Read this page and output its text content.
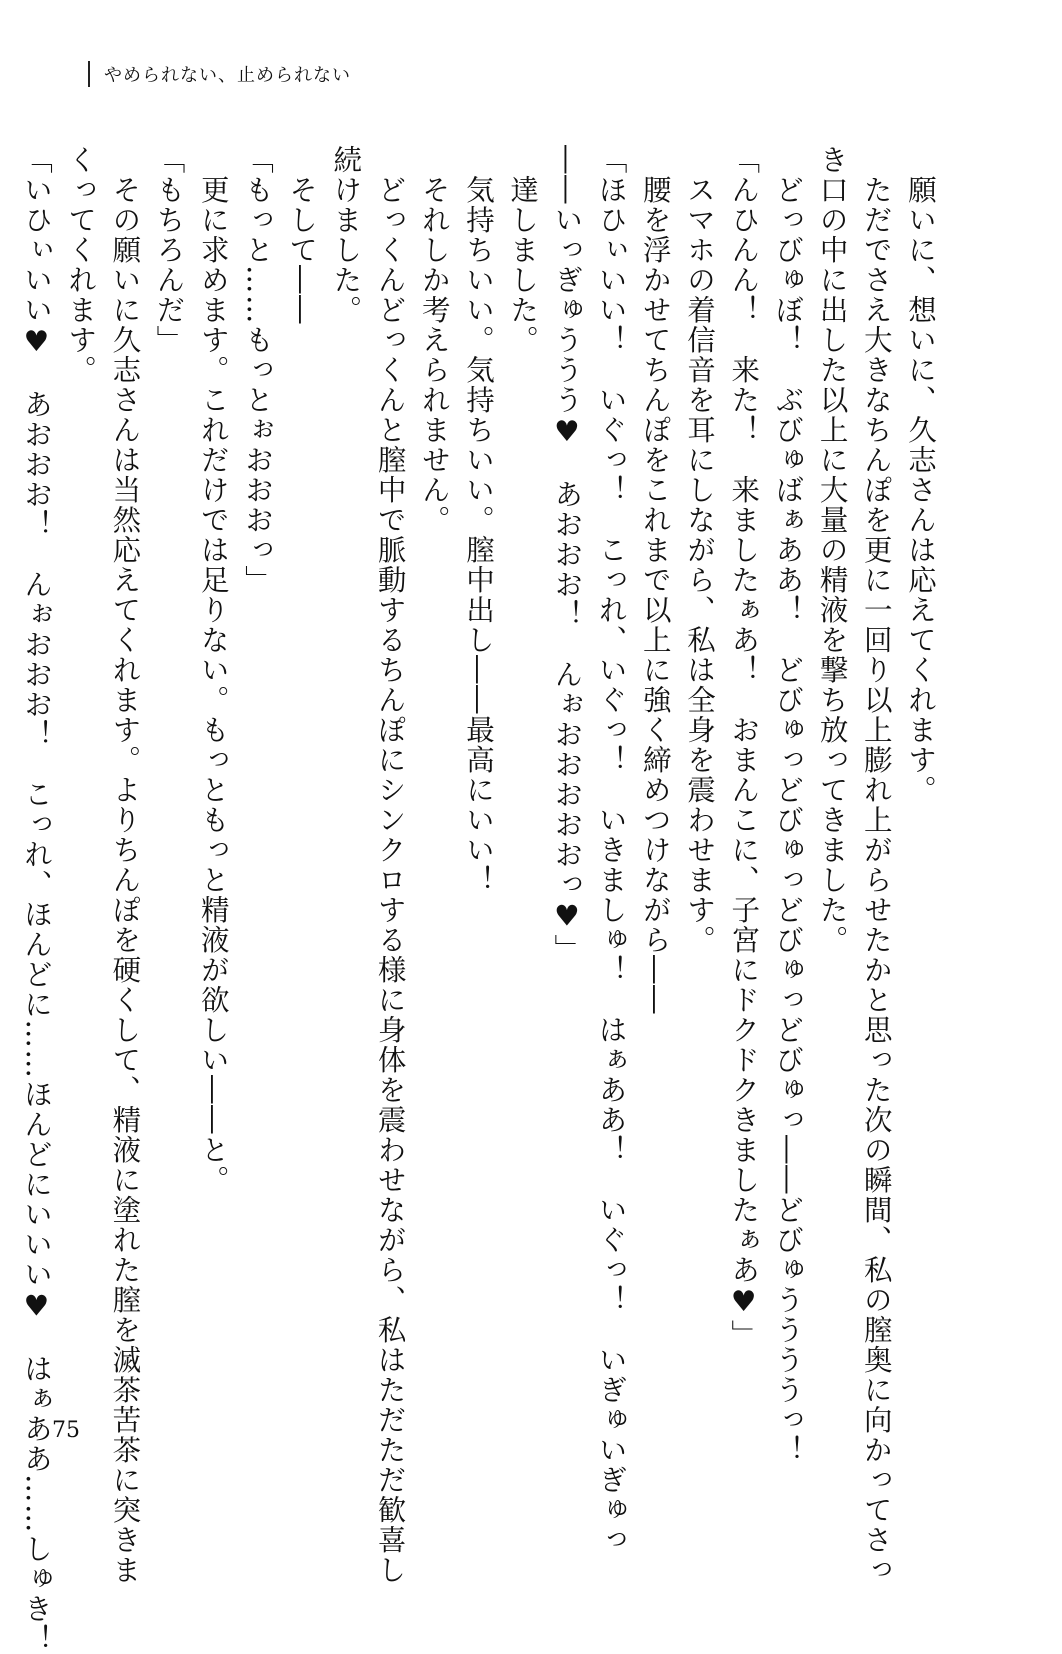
やめられない、止められない
　願いに、想いに、久志さんは応えてくれます。
　ただでさえ大きなちんぽを更に一回り以上膨れ上がらせたかと思った次の瞬間、私の膣奥に向かってさっ
き口の中に出した以上に大量の精液を撃ち放ってきました。
　どっびゅぼ！　ぶびゅばぁああ！　どびゅっどびゅっどびゅっどびゅっ――どびゅううううっ！
「んひんん！　来た！　来ましたぁあ！　おまんこに、子宮にドクドクきましたぁあ♥」
　スマホの着信音を耳にしながら、私は全身を震わせます。
　腰を浮かせてちんぽをこれまで以上に強く締めつけながら――
「ほひぃいい！　いぐっ！　こっれ、いぐっ！　いきましゅ！　はぁああ！　いぐっ！　いぎゅいぎゅっ
――いっぎゅううう♥　あおおお！　んぉおおおおおっ♥」
　達しました。
　気持ちいい。気持ちいい。膣中出し――最高にいい！
　それしか考えられません。
　どっくんどっくんと膣中で脈動するちんぽにシンクロする様に身体を震わせながら、私はただただ歓喜し
続けました。
　そして――
「もっと……もっとぉおおおっ」
　更に求めます。これだけでは足りない。もっともっと精液が欲しい――と。
「もちろんだ」
　その願いに久志さんは当然応えてくれます。よりちんぽを硬くして、精液に塗れた膣を滅茶苦茶に突きま
くってくれます。
「いひぃいい♥　あおおお！　んぉおおお！　こっれ、ほんどに……ほんどにいいい♥　はぁああ……しゅき！ 75
